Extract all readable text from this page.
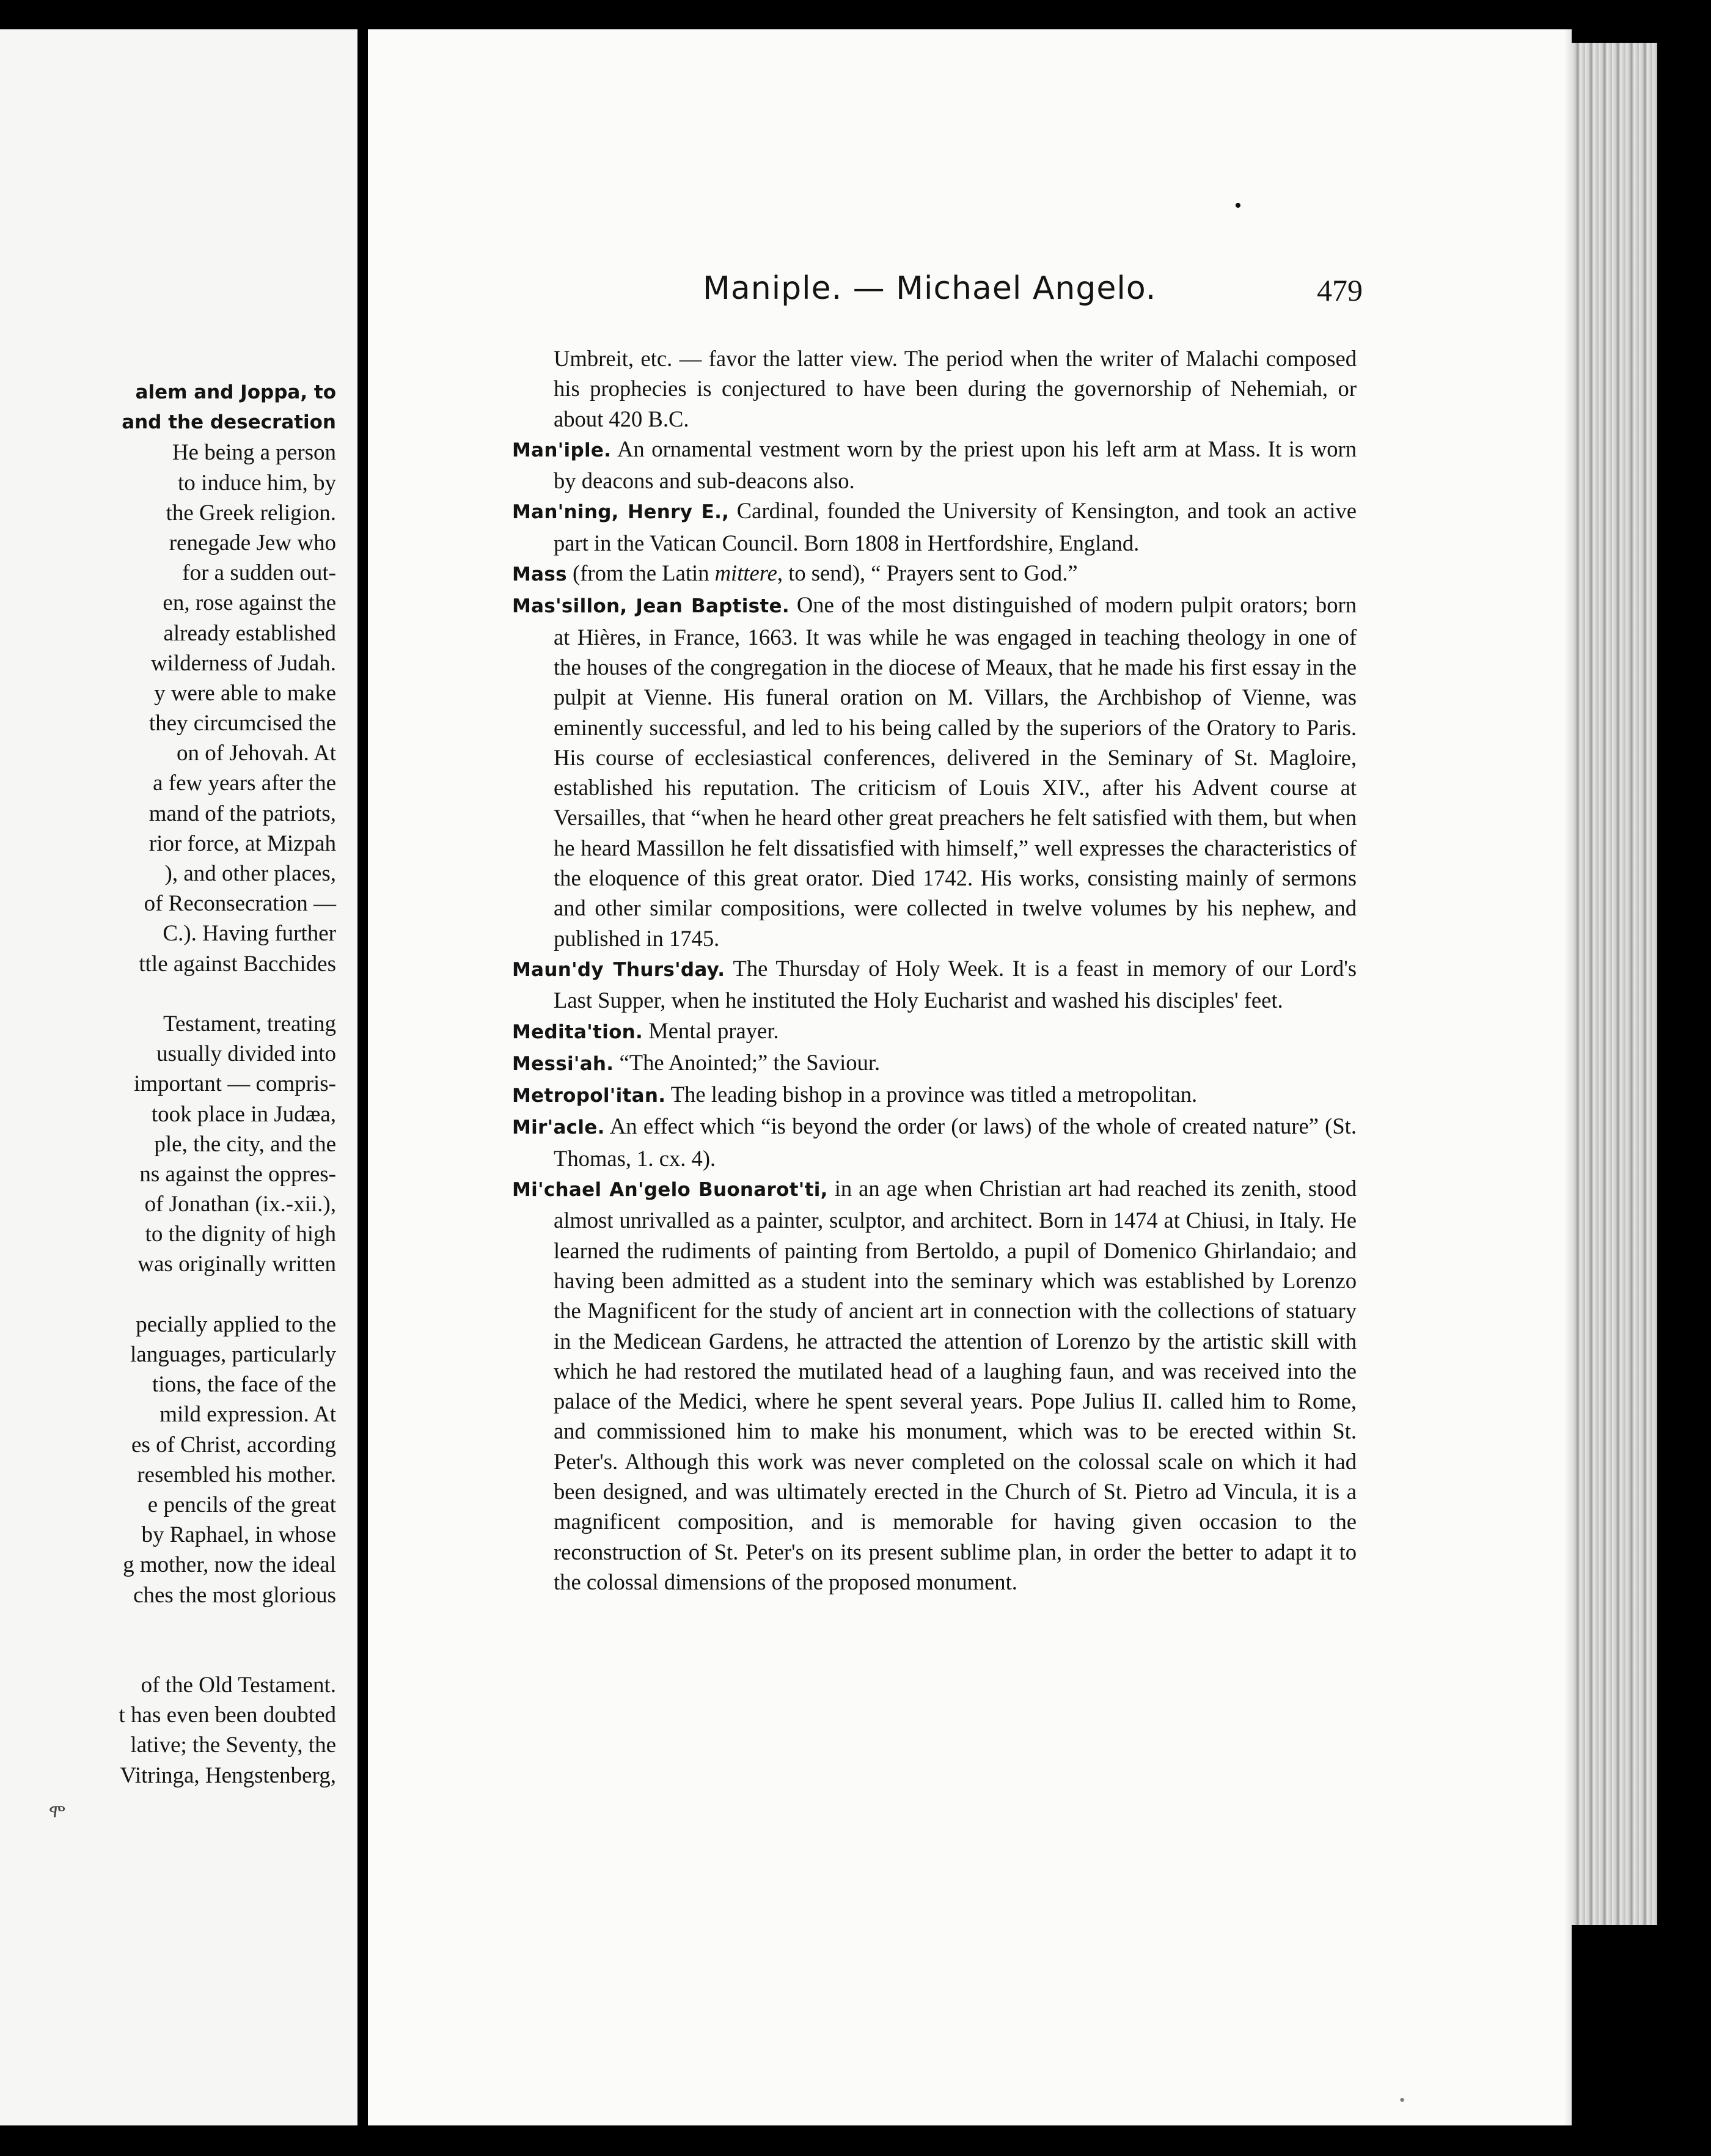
alem and Joppa, to
and the desecration
He being a person
to induce him, by
the Greek religion.
renegade Jew who
for a sudden out-
en, rose against the
already established
wilderness of Judah.
y were able to make
they circumcised the
on of Jehovah. At
a few years after the
mand of the patriots,
rior force, at Mizpah
), and other places,
of Reconsecration —
C.). Having further
ttle against Bacchides
Testament, treating
usually divided into
important — compris-
took place in Judæa,
ple, the city, and the
ns against the oppres-
of Jonathan (ix.-xii.),
to the dignity of high
was originally written
pecially applied to the
languages, particularly
tions, the face of the
mild expression. At
es of Christ, according
resembled his mother.
e pencils of the great
by Raphael, in whose
g mother, now the ideal
ches the most glorious
of the Old Testament.
t has even been doubted
lative; the Seventy, the
Vitringa, Hengstenberg,
ሞ
•
•
Maniple. — Michael Angelo.	479

Umbreit, etc. — favor the latter view. The period when the writer of Malachi composed his prophecies is conjectured to have been during the governorship of Nehemiah, or about 420 B.C.

Man'iple. An ornamental vestment worn by the priest upon his left arm at Mass. It is worn by deacons and sub-deacons also.

Man'ning, Henry E., Cardinal, founded the University of Kensington, and took an active part in the Vatican Council. Born 1808 in Hertfordshire, England.

Mass (from the Latin mittere, to send), “ Prayers sent to God.”

Mas'sillon, Jean Baptiste. One of the most distinguished of modern pulpit orators; born at Hières, in France, 1663. It was while he was engaged in teaching theology in one of the houses of the congregation in the diocese of Meaux, that he made his first essay in the pulpit at Vienne. His funeral oration on M. Villars, the Archbishop of Vienne, was eminently successful, and led to his being called by the superiors of the Oratory to Paris. His course of ecclesiastical conferences, delivered in the Seminary of St. Magloire, established his reputation. The criticism of Louis XIV., after his Advent course at Versailles, that “when he heard other great preachers he felt satisfied with them, but when he heard Massillon he felt dissatisfied with himself,” well expresses the characteristics of the eloquence of this great orator. Died 1742. His works, consisting mainly of sermons and other similar compositions, were collected in twelve volumes by his nephew, and published in 1745.

Maun'dy Thurs'day. The Thursday of Holy Week. It is a feast in memory of our Lord's Last Supper, when he instituted the Holy Eucharist and washed his disciples' feet.

Medita'tion. Mental prayer.

Messi'ah. “The Anointed;” the Saviour.

Metropol'itan. The leading bishop in a province was titled a metropolitan.

Mir'acle. An effect which “is beyond the order (or laws) of the whole of created nature” (St. Thomas, 1. cx. 4).

Mi'chael An'gelo Buonarot'ti, in an age when Christian art had reached its zenith, stood almost unrivalled as a painter, sculptor, and architect. Born in 1474 at Chiusi, in Italy. He learned the rudiments of painting from Bertoldo, a pupil of Domenico Ghirlandaio; and having been admitted as a student into the seminary which was established by Lorenzo the Magnificent for the study of ancient art in connection with the collections of statuary in the Medicean Gardens, he attracted the attention of Lorenzo by the artistic skill with which he had restored the mutilated head of a laughing faun, and was received into the palace of the Medici, where he spent several years. Pope Julius II. called him to Rome, and commissioned him to make his monument, which was to be erected within St. Peter's. Although this work was never completed on the colossal scale on which it had been designed, and was ultimately erected in the Church of St. Pietro ad Vincula, it is a magnificent composition, and is memorable for having given occasion to the reconstruction of St. Peter's on its present sublime plan, in order the better to adapt it to the colossal dimensions of the proposed monument.
